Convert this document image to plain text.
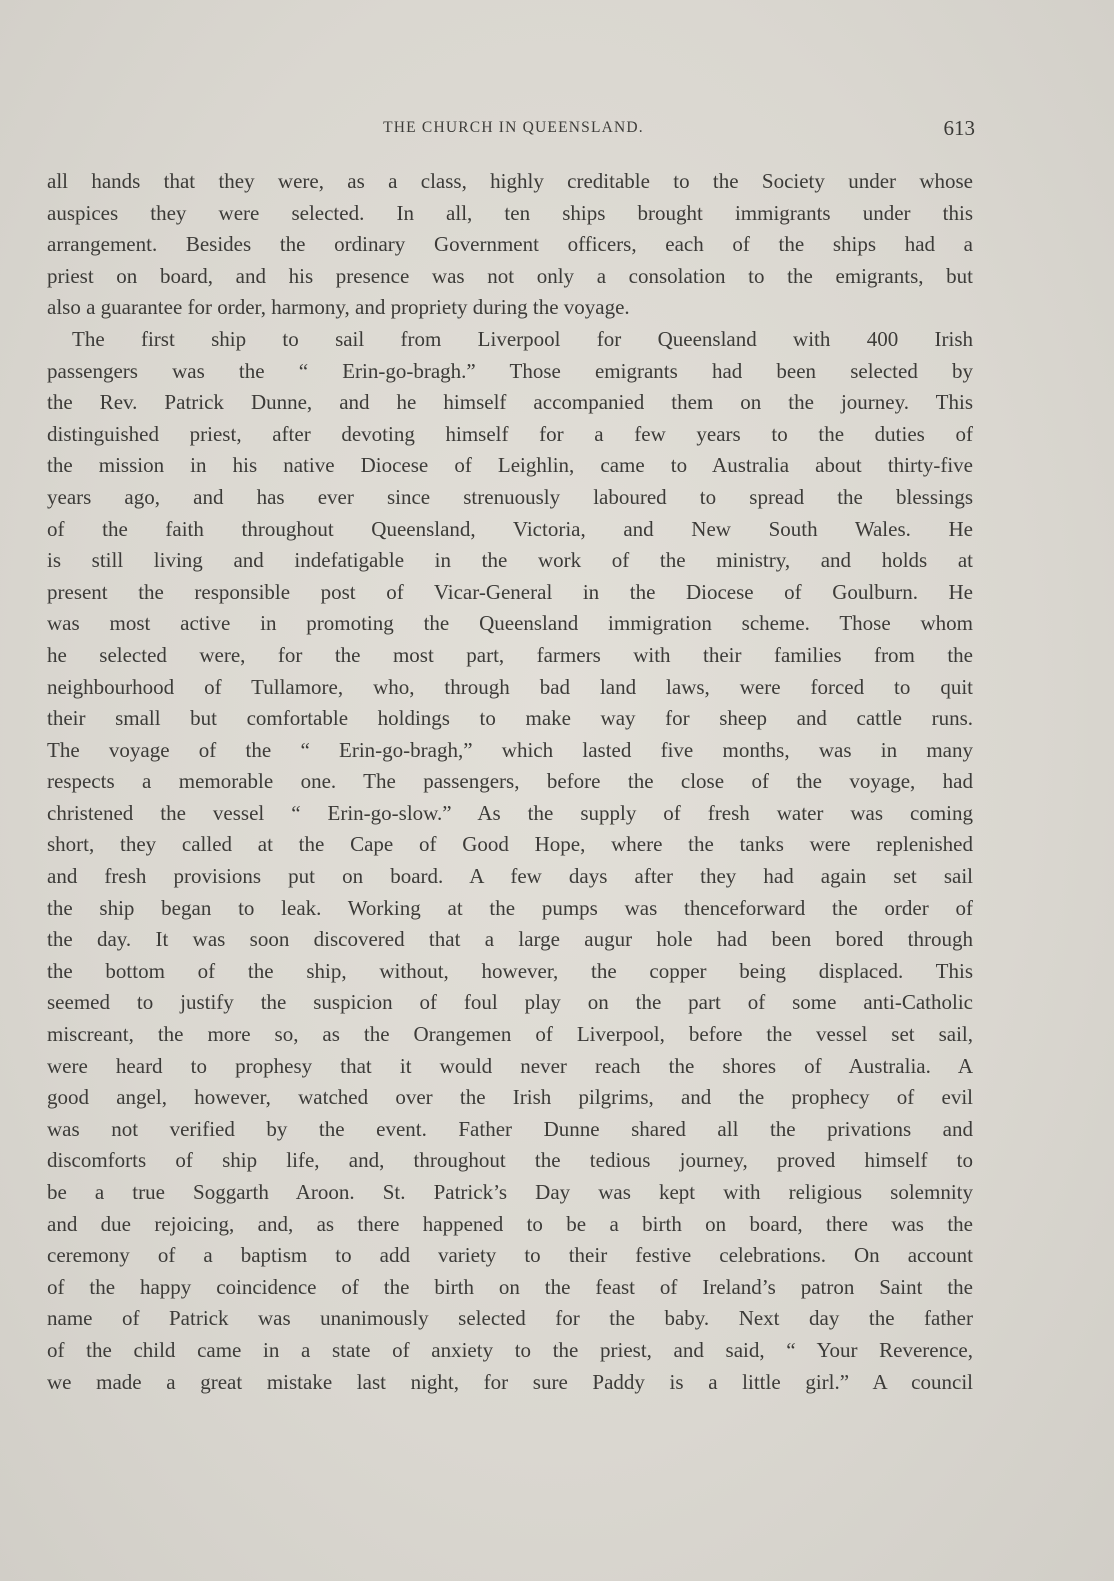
THE CHURCH IN QUEENSLAND.	613
all hands that they were, as a class, highly creditable to the Society under whose
auspices they were selected. In all, ten ships brought immigrants under this
arrangement. Besides the ordinary Government officers, each of the ships had a
priest on board, and his presence was not only a consolation to the emigrants, but
also a guarantee for order, harmony, and propriety during the voyage.
The first ship to sail from Liverpool for Queensland with 400 Irish
passengers was the “ Erin-go-bragh.” Those emigrants had been selected by
the Rev. Patrick Dunne, and he himself accompanied them on the journey. This
distinguished priest, after devoting himself for a few years to the duties of
the mission in his native Diocese of Leighlin, came to Australia about thirty-five
years ago, and has ever since strenuously laboured to spread the blessings
of the faith throughout Queensland, Victoria, and New South Wales. He
is still living and indefatigable in the work of the ministry, and holds at
present the responsible post of Vicar-General in the Diocese of Goulburn. He
was most active in promoting the Queensland immigration scheme. Those whom
he selected were, for the most part, farmers with their families from the
neighbourhood of Tullamore, who, through bad land laws, were forced to quit
their small but comfortable holdings to make way for sheep and cattle runs.
The voyage of the “ Erin-go-bragh,” which lasted five months, was in many
respects a memorable one. The passengers, before the close of the voyage, had
christened the vessel “ Erin-go-slow.” As the supply of fresh water was coming
short, they called at the Cape of Good Hope, where the tanks were replenished
and fresh provisions put on board. A few days after they had again set sail
the ship began to leak. Working at the pumps was thenceforward the order of
the day. It was soon discovered that a large augur hole had been bored through
the bottom of the ship, without, however, the copper being displaced. This
seemed to justify the suspicion of foul play on the part of some anti-Catholic
miscreant, the more so, as the Orangemen of Liverpool, before the vessel set sail,
were heard to prophesy that it would never reach the shores of Australia. A
good angel, however, watched over the Irish pilgrims, and the prophecy of evil
was not verified by the event. Father Dunne shared all the privations and
discomforts of ship life, and, throughout the tedious journey, proved himself to
be a true Soggarth Aroon. St. Patrick’s Day was kept with religious solemnity
and due rejoicing, and, as there happened to be a birth on board, there was the
ceremony of a baptism to add variety to their festive celebrations. On account
of the happy coincidence of the birth on the feast of Ireland’s patron Saint the
name of Patrick was unanimously selected for the baby. Next day the father
of the child came in a state of anxiety to the priest, and said, “ Your Reverence,
we made a great mistake last night, for sure Paddy is a little girl.” A council
